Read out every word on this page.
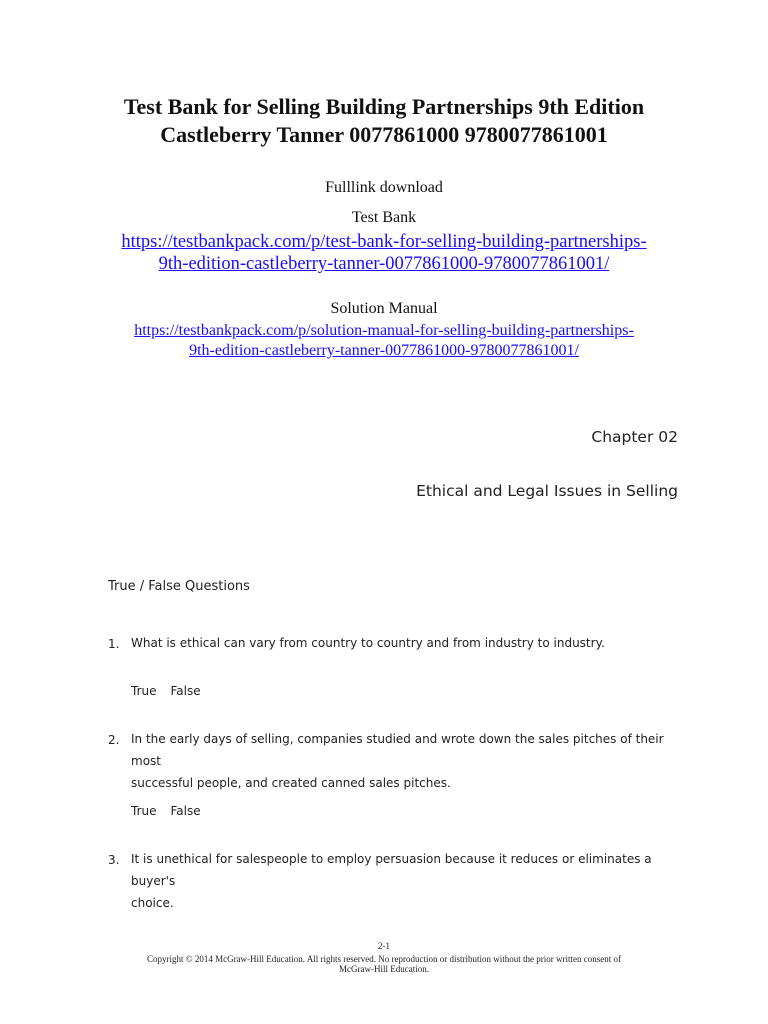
Test Bank for Selling Building Partnerships 9th Edition
Castleberry Tanner 0077861000 9780077861001
Fulllink download
Test Bank
https://testbankpack.com/p/test-bank-for-selling-building-partnerships-
9th-edition-castleberry-tanner-0077861000-9780077861001/
Solution Manual
https://testbankpack.com/p/solution-manual-for-selling-building-partnerships-
9th-edition-castleberry-tanner-0077861000-9780077861001/
Chapter 02
Ethical and Legal Issues in Selling
True / False Questions
1. What is ethical can vary from country to country and from industry to industry.
True False
2. In the early days of selling, companies studied and wrote down the sales pitches of their most
successful people, and created canned sales pitches.
True False
3. It is unethical for salespeople to employ persuasion because it reduces or eliminates a buyer's
choice.
2-1
Copyright © 2014 McGraw-Hill Education. All rights reserved. No reproduction or distribution without the prior written consent of
McGraw-Hill Education.
